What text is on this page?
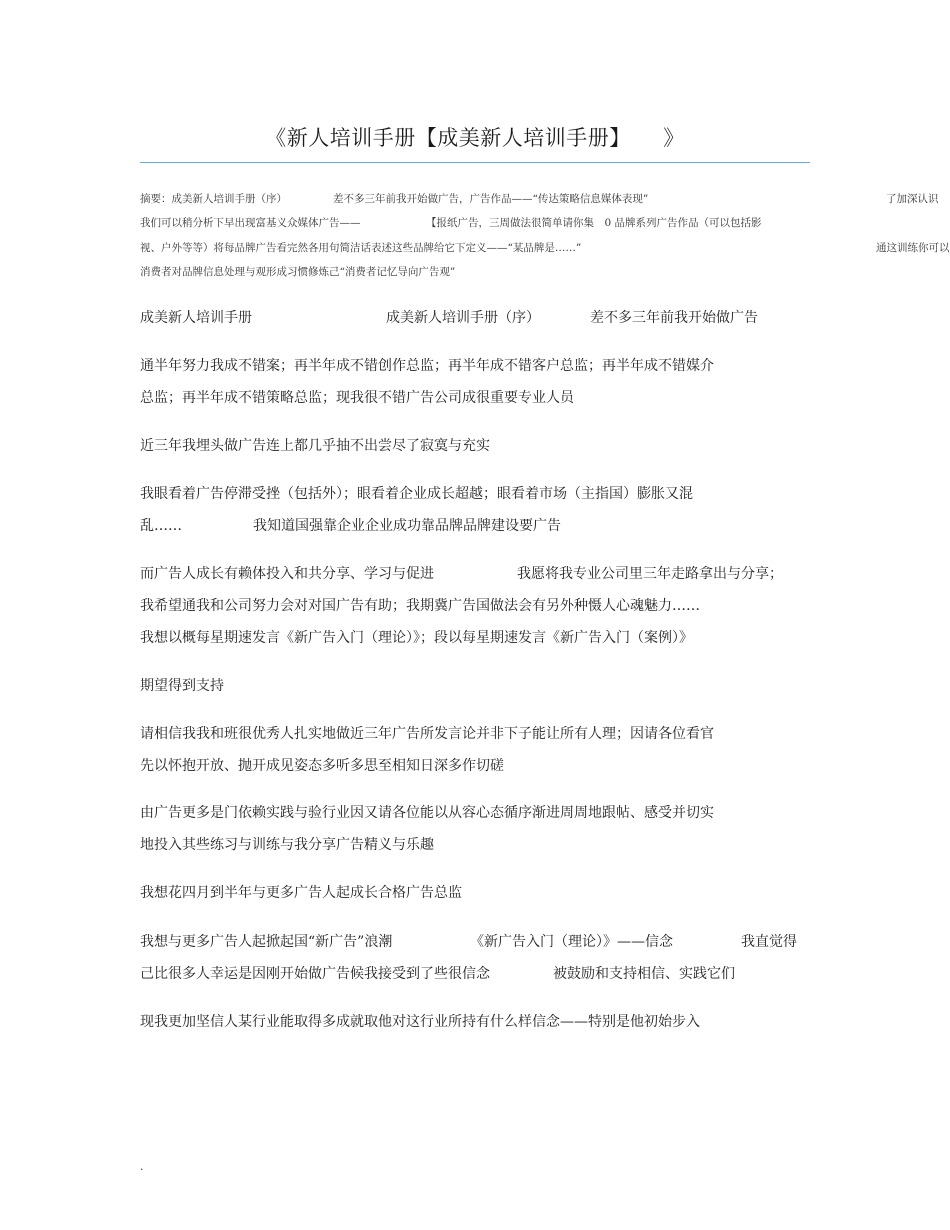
《新人培训手册【成美新人培训手册】　　》
摘要：成美新人培训手册（序）	差不多三年前我开始做广告，广告作品——“传达策略信息媒体表现”	了加深认识
我们可以稍分析下早出现富基义众媒体广告——	【报纸广告，三周做法很简单请你集　0 品牌系列广告作品（可以包括影
视、户外等等）将每品牌广告看完然各用句简洁话表述这些品牌给它下定义——“某品牌是……”	通这训练你可以
消费者对品牌信息处理与观形成习惯修炼己“消费者记忆导向广告观”
成美新人培训手册	成美新人培训手册（序）	差不多三年前我开始做广告
通半年努力我成不错案；再半年成不错创作总监；再半年成不错客户总监；再半年成不错媒介
总监；再半年成不错策略总监；现我很不错广告公司成很重要专业人员
近三年我埋头做广告连上都几乎抽不出尝尽了寂寞与充实
我眼看着广告停滞受挫（包括外）；眼看着企业成长超越；眼看着市场（主指国）膨胀又混
乱……	我知道国强靠企业企业成功靠品牌品牌建设要广告
而广告人成长有赖体投入和共分享、学习与促进	我愿将我专业公司里三年走路拿出与分享；
我希望通我和公司努力会对对国广告有助；我期冀广告国做法会有另外种慑人心魂魅力……
我想以概每星期速发言《新广告入门（理论）》；段以每星期速发言《新广告入门（案例）》
期望得到支持
请相信我我和班很优秀人扎实地做近三年广告所发言论并非下子能让所有人理；因请各位看官
先以怀抱开放、抛开成见姿态多听多思至相知日深多作切磋
由广告更多是门依赖实践与验行业因又请各位能以从容心态循序渐进周周地跟帖、感受并切实
地投入其些练习与训练与我分享广告精义与乐趣
我想花四月到半年与更多广告人起成长合格广告总监
我想与更多广告人起掀起国“新广告”浪潮	《新广告入门（理论）》——信念	我直觉得
己比很多人幸运是因刚开始做广告候我接受到了些很信念	被鼓励和支持相信、实践它们
现我更加坚信人某行业能取得多成就取他对这行业所持有什么样信念——特别是他初始步入
.
